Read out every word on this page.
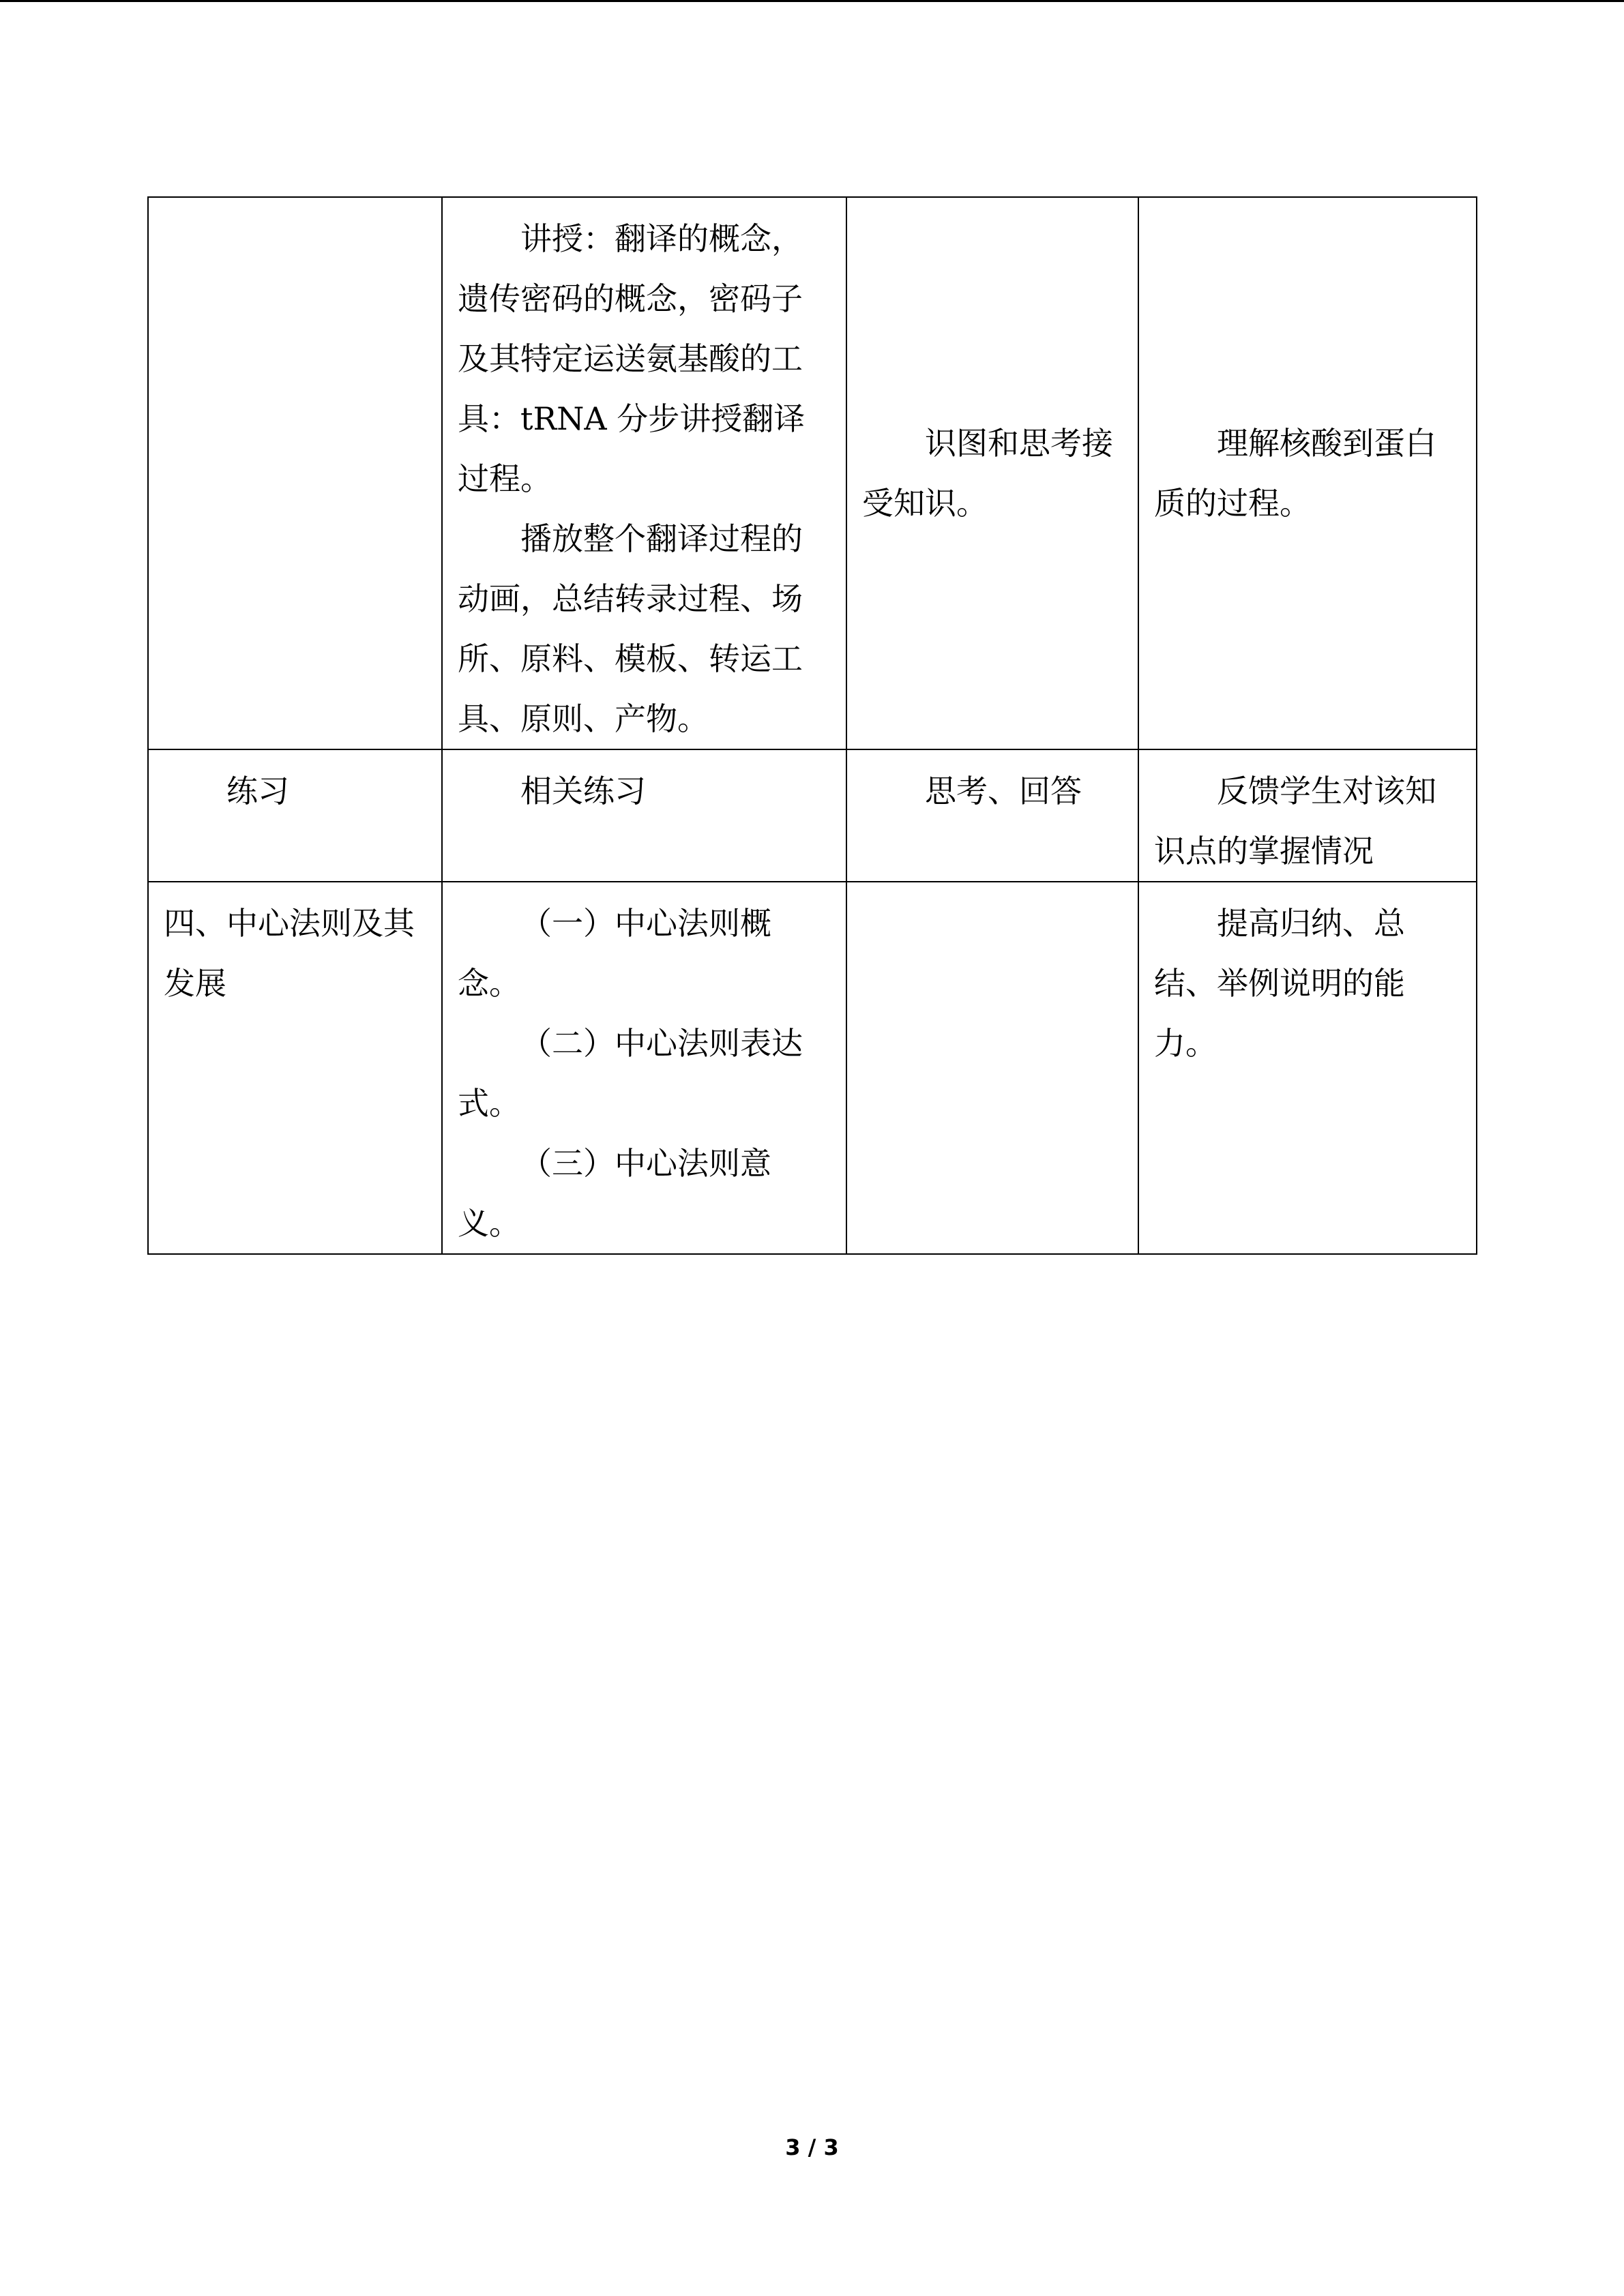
	讲授：翻译的概念，遗传密码的概念，密码子及其特定运送氨基酸的工具：tRNA 分步讲授翻译过程。

播放整个翻译过程的动画，总结转录过程、场所、原料、模板、转运工具、原则、产物。	识图和思考接受知识。	理解核酸到蛋白质的过程。

练习	相关练习	思考、回答	反馈学生对该知识点的掌握情况

四、中心法则及其发展	（一）中心法则概念。

（二）中心法则表达式。

（三）中心法则意义。		提高归纳、总结、举例说明的能力。

3 / 3
